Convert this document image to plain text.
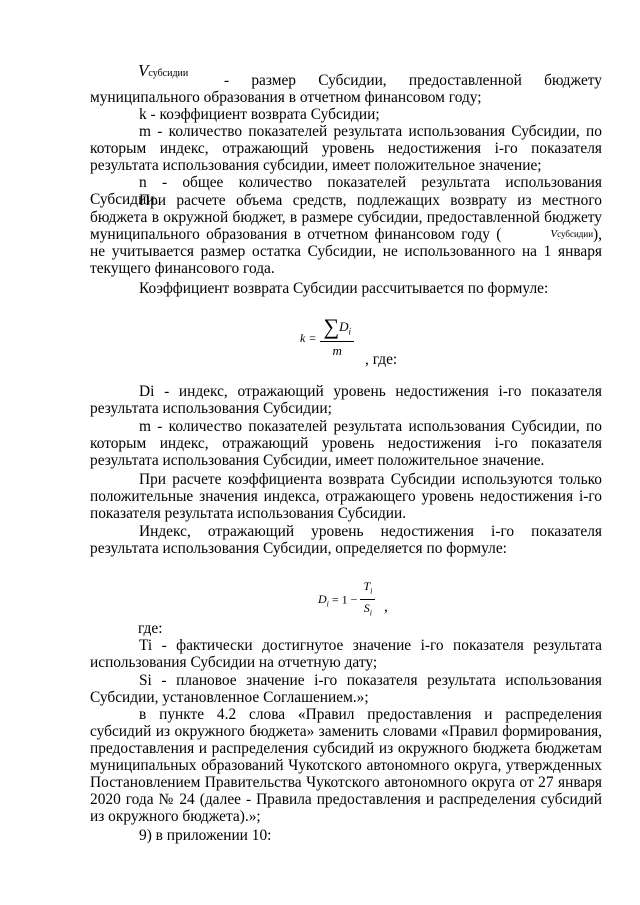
Vсубсидии - размер Субсидии, предоставленной бюджету

муниципального образования в отчетном финансовом году;

k - коэффициент возврата Субсидии;

m - количество показателей результата использования Субсидии, по которым индекс, отражающий уровень недостижения i-го показателя результата использования субсидии, имеет положительное значение;

n - общее количество показателей результата использования Субсидии.

При расчете объема средств, подлежащих возврату из местного бюджета в окружной бюджет, в размере субсидии, предоставленной бюджету муниципального образования в отчетном финансовом году (	Vсубсидии), не учитывается размер остатка Субсидии, не использованного на 1 января текущего финансового года.

Коэффициент возврата Субсидии рассчитывается по формуле:

$k = \frac{\sum D_i}{m}$
, где:

Di - индекс, отражающий уровень недостижения i-го показателя результата использования Субсидии;

m - количество показателей результата использования Субсидии, по которым индекс, отражающий уровень недостижения i-го показателя результата использования Субсидии, имеет положительное значение.

При расчете коэффициента возврата Субсидии используются только положительные значения индекса, отражающего уровень недостижения i-го показателя результата использования Субсидии.

Индекс, отражающий уровень недостижения i-го показателя результата использования Субсидии, определяется по формуле:

$D_i = 1 - \frac{T_i}{S_i}$ ,
где:

Ti - фактически достигнутое значение i-го показателя результата использования Субсидии на отчетную дату;

Si - плановое значение i-го показателя результата использования Субсидии, установленное Соглашением.»;

в пункте 4.2 слова «Правил предоставления и распределения субсидий из окружного бюджета» заменить словами «Правил формирования, предоставления и распределения субсидий из окружного бюджета бюджетам муниципальных образований Чукотского автономного округа, утвержденных Постановлением Правительства Чукотского автономного округа от 27 января 2020 года № 24 (далее - Правила предоставления и распределения субсидий из окружного бюджета).»;

9) в приложении 10:
